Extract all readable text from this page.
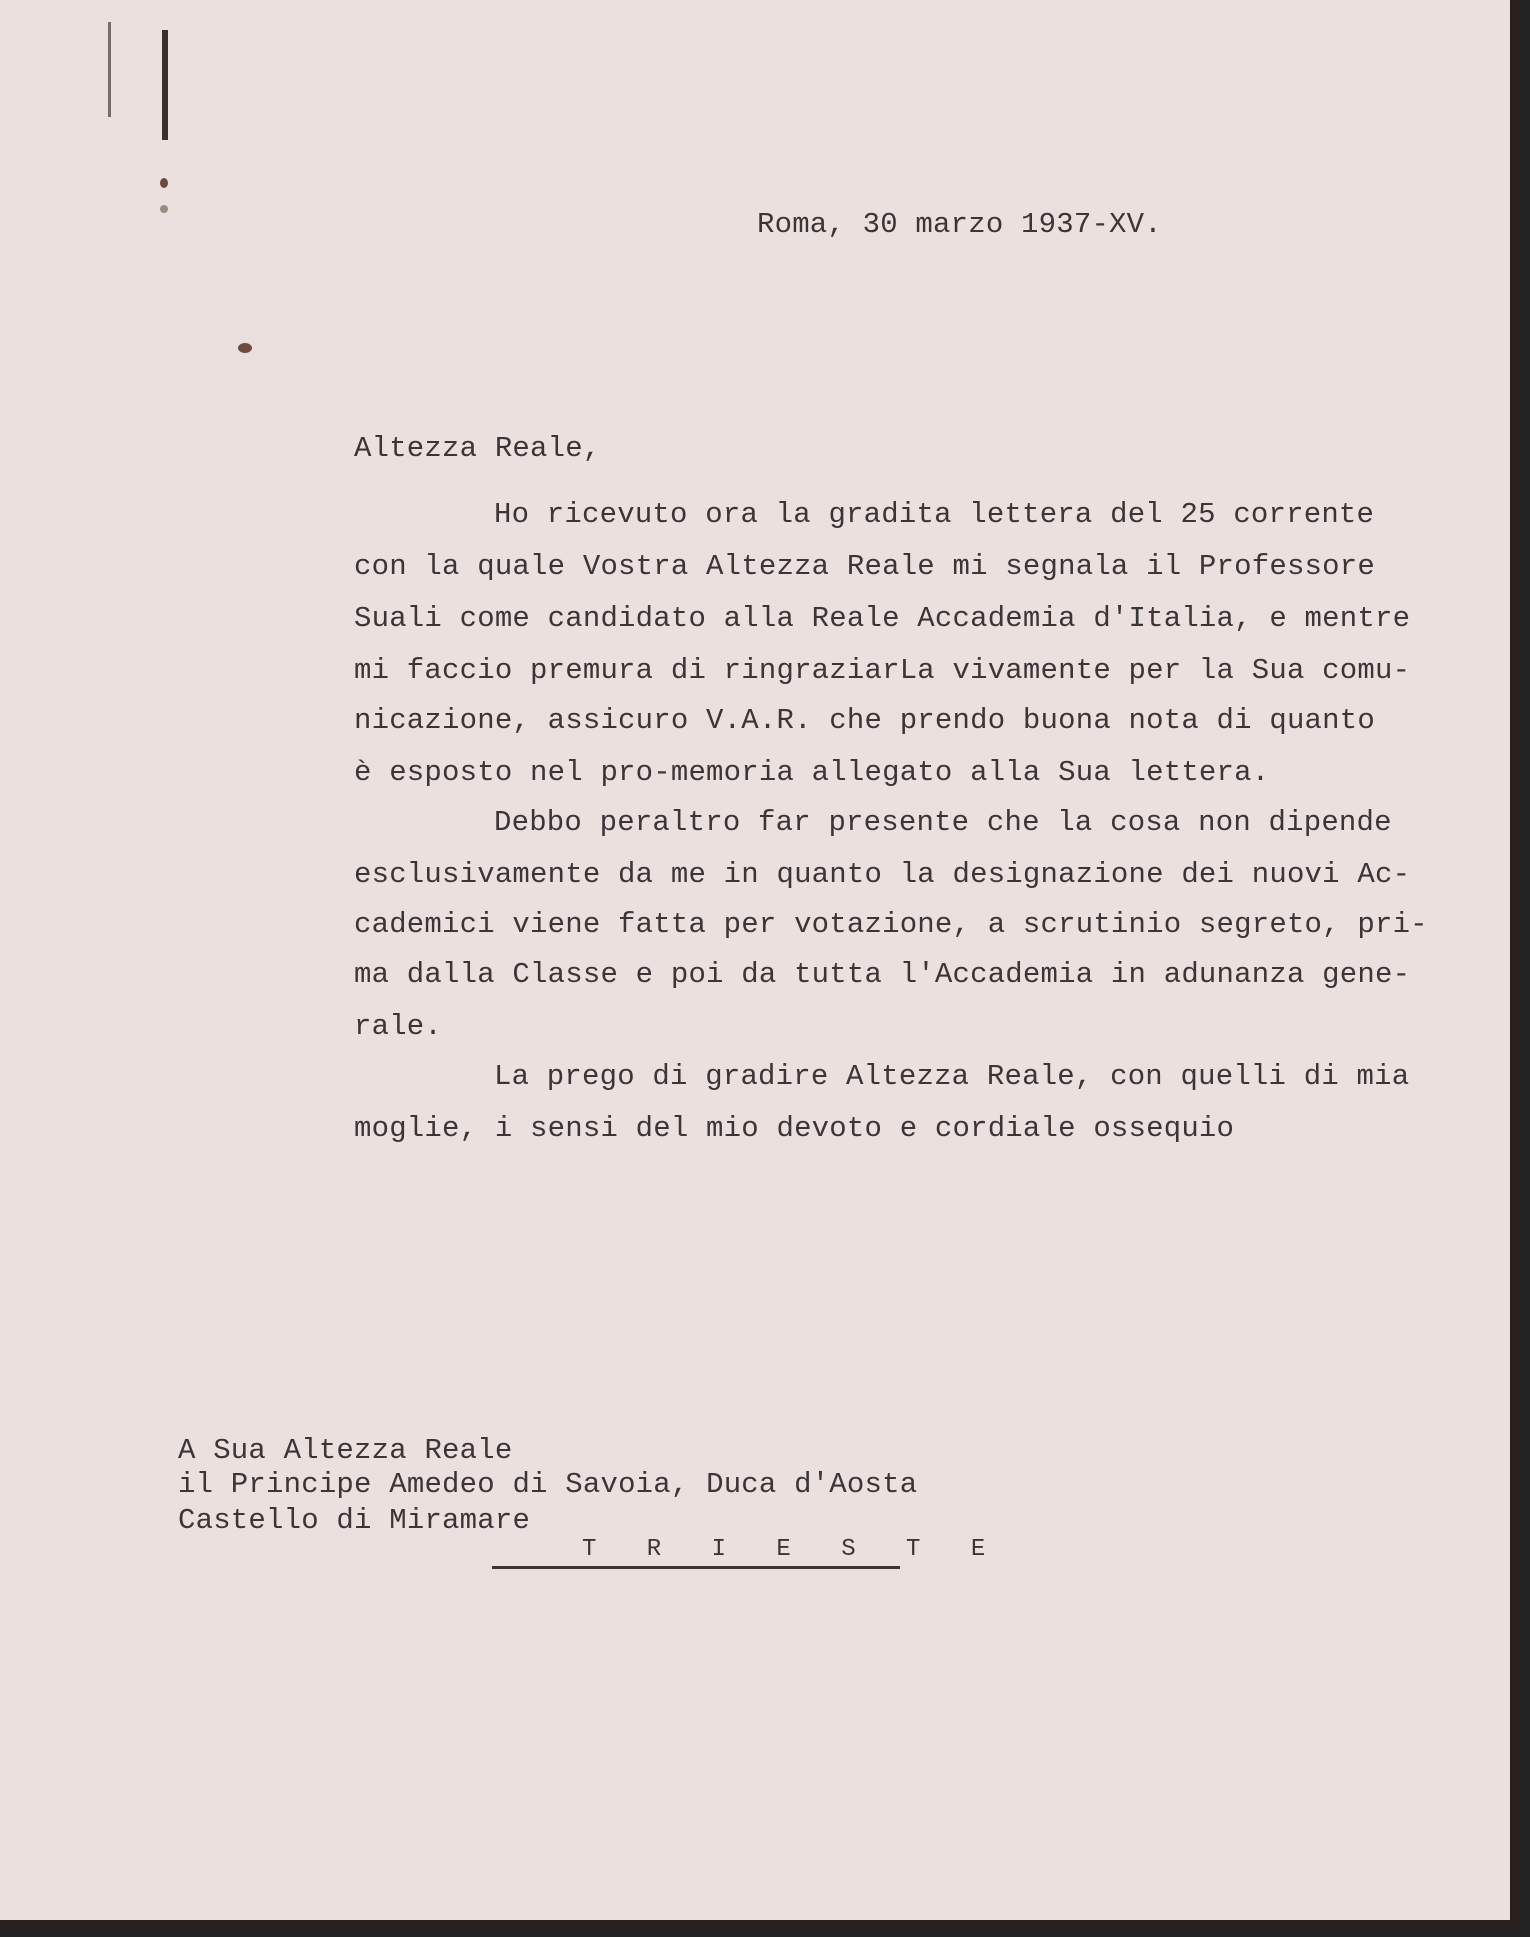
Roma, 30 marzo 1937-XV.
Altezza Reale,
Ho ricevuto ora la gradita lettera del 25 corrente
con la quale Vostra Altezza Reale mi segnala il Professore
Suali come candidato alla Reale Accademia d'Italia, e mentre
mi faccio premura di ringraziarLa vivamente per la Sua comu-
nicazione, assicuro V.A.R. che prendo buona nota di quanto
è esposto nel pro-memoria allegato alla Sua lettera.
Debbo peraltro far presente che la cosa non dipende
esclusivamente da me in quanto la designazione dei nuovi Ac-
cademici viene fatta per votazione, a scrutinio segreto, pri-
ma dalla Classe e poi da tutta l'Accademia in adunanza gene-
rale.
La prego di gradire Altezza Reale, con quelli di mia
moglie, i sensi del mio devoto e cordiale ossequio
A Sua Altezza Reale
il Principe Amedeo di Savoia, Duca d'Aosta
Castello di Miramare
T R I E S T E
